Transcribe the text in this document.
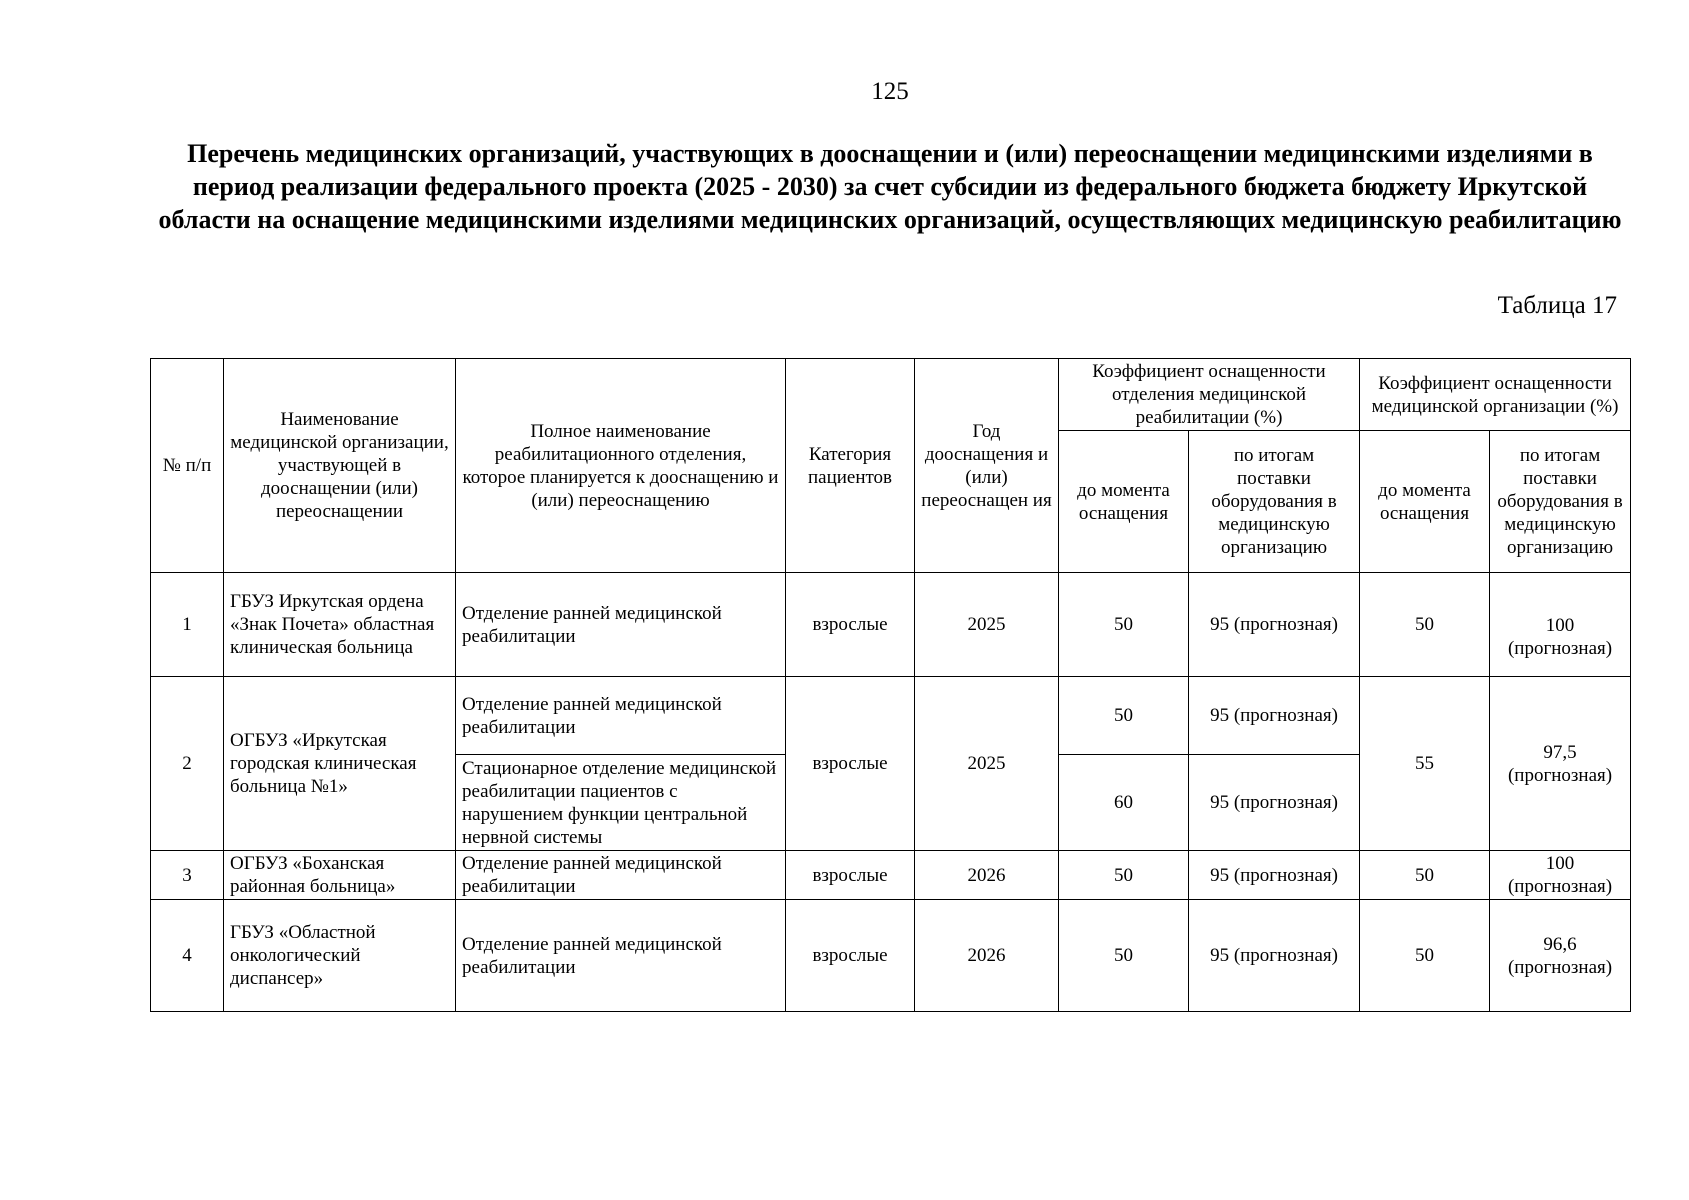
125
Перечень медицинских организаций, участвующих в дооснащении и (или) переоснащении медицинскими изделиями в период реализации федерального проекта (2025 - 2030) за счет субсидии из федерального бюджета бюджету Иркутской области на оснащение медицинскими изделиями медицинских организаций, осуществляющих медицинскую реабилитацию
Таблица 17
№ п/п	Наименование медицинской организации, участвующей в дооснащении (или) переоснащении	Полное наименование реабилитационного отделения, которое планируется к дооснащению и (или) переоснащению	Категория пациентов	Год дооснащения и (или) переоснащен ия	Коэффициент оснащенности отделения медицинской реабилитации (%)		Коэффициент оснащенности медицинской организации (%)	
					до момента оснащения	по итогам поставки оборудования в медицинскую организацию	до момента оснащения	по итогам поставки оборудования в медицинскую организацию
1	ГБУЗ Иркутская ордена «Знак Почета» областная клиническая больница	Отделение ранней медицинской реабилитации	взрослые	2025	50	95 (прогнозная)	50	100 (прогнозная)
2	ОГБУЗ «Иркутская городская клиническая больница №1»	Отделение ранней медицинской реабилитации	взрослые	2025	50	95 (прогнозная)	55	97,5 (прогнозная)
		Стационарное отделение медицинской реабилитации пациентов с нарушением функции центральной нервной системы			60	95 (прогнозная)		
3	ОГБУЗ «Боханская районная больница»	Отделение ранней медицинской реабилитации	взрослые	2026	50	95 (прогнозная)	50	100 (прогнозная)
4	ГБУЗ «Областной онкологический диспансер»	Отделение ранней медицинской реабилитации	взрослые	2026	50	95 (прогнозная)	50	96,6 (прогнозная)
